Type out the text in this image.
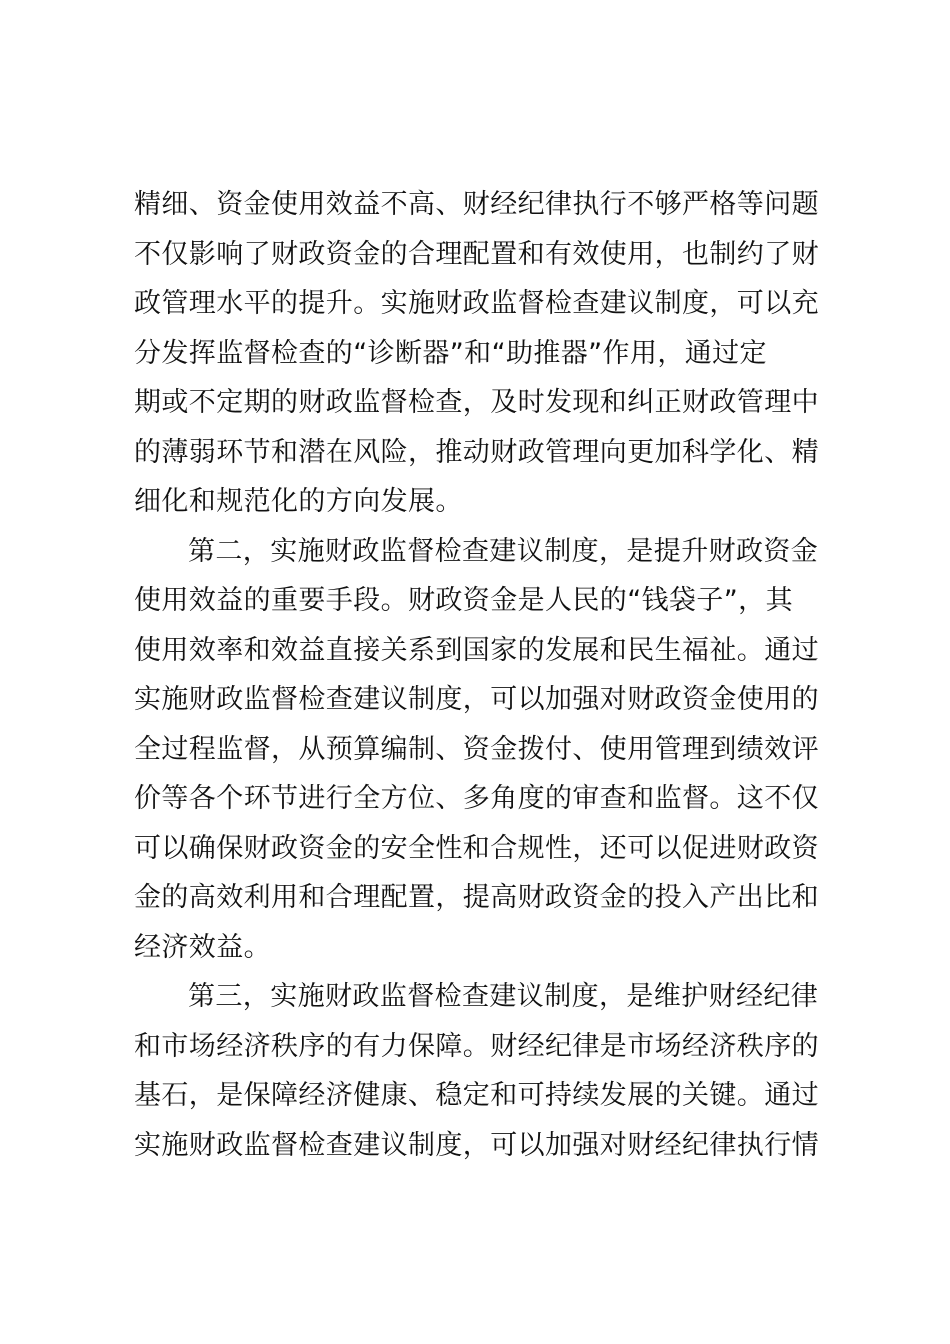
精细、资金使用效益不高、财经纪律执行不够严格等问题
不仅影响了财政资金的合理配置和有效使用，也制约了财
政管理水平的提升。实施财政监督检查建议制度，可以充
分发挥监督检查的“诊断器”和“助推器”作用，通过定
期或不定期的财政监督检查，及时发现和纠正财政管理中
的薄弱环节和潜在风险，推动财政管理向更加科学化、精
细化和规范化的方向发展。
第二，实施财政监督检查建议制度，是提升财政资金
使用效益的重要手段。财政资金是人民的“钱袋子”，其
使用效率和效益直接关系到国家的发展和民生福祉。通过
实施财政监督检查建议制度，可以加强对财政资金使用的
全过程监督，从预算编制、资金拨付、使用管理到绩效评
价等各个环节进行全方位、多角度的审查和监督。这不仅
可以确保财政资金的安全性和合规性，还可以促进财政资
金的高效利用和合理配置，提高财政资金的投入产出比和
经济效益。
第三，实施财政监督检查建议制度，是维护财经纪律
和市场经济秩序的有力保障。财经纪律是市场经济秩序的
基石，是保障经济健康、稳定和可持续发展的关键。通过
实施财政监督检查建议制度，可以加强对财经纪律执行情
